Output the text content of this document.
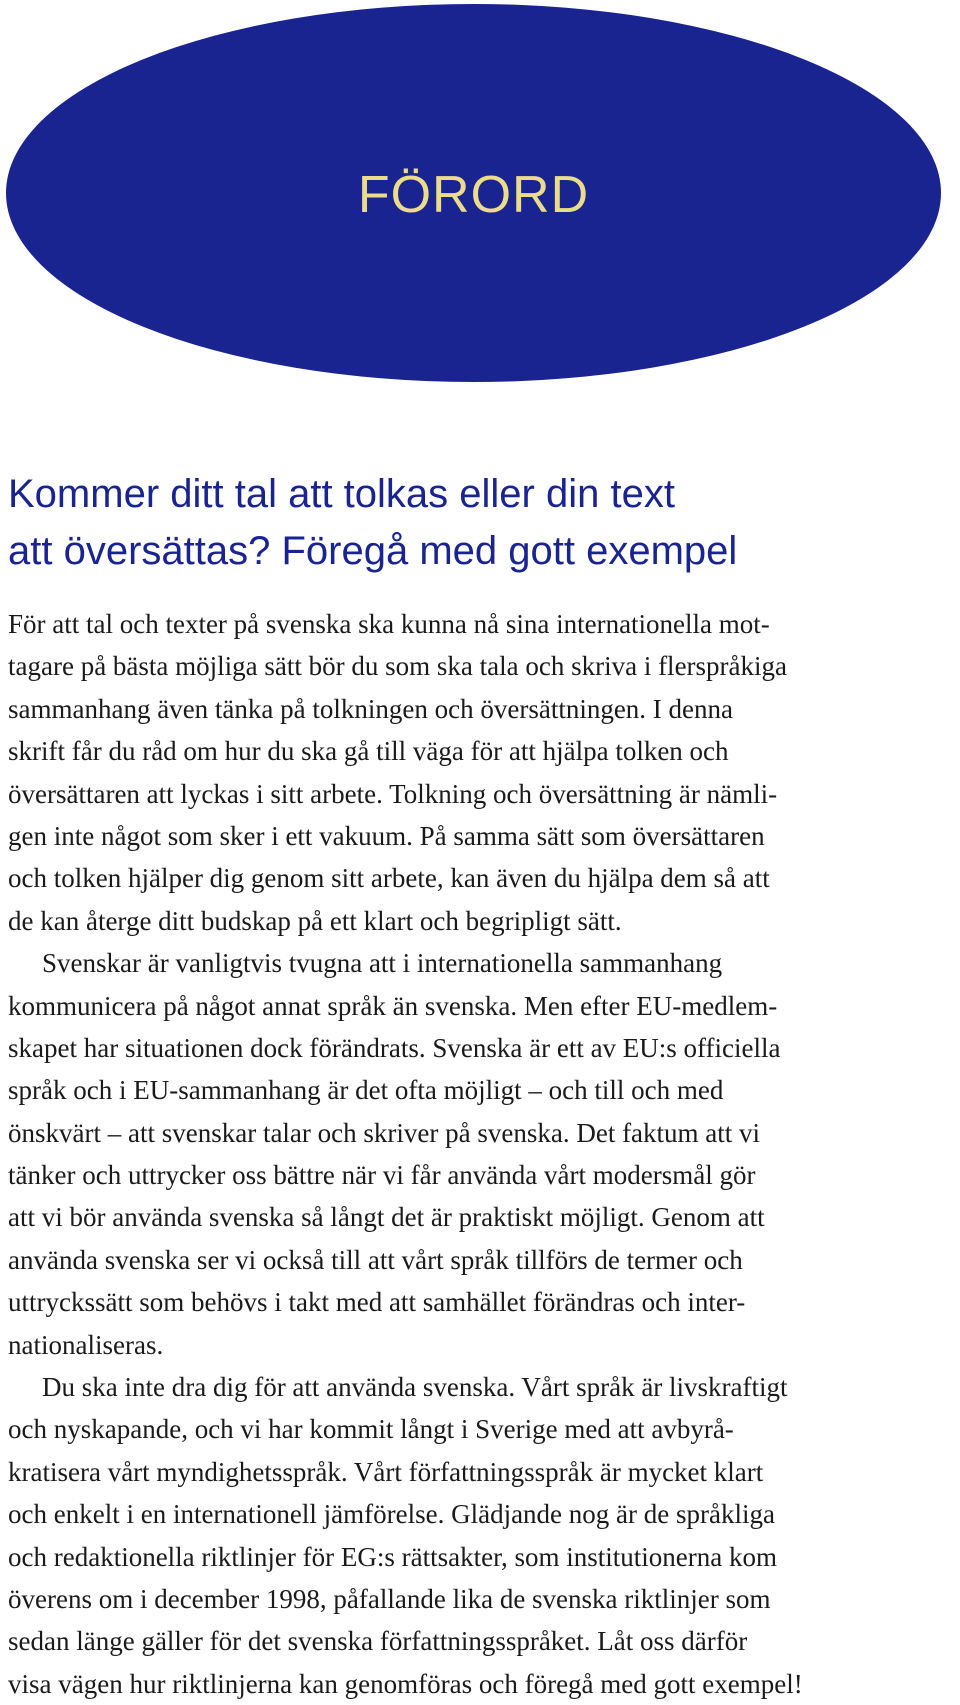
FÖRORD
Kommer ditt tal att tolkas eller din text
att översättas? Föregå med gott exempel
För att tal och texter på svenska ska kunna nå sina internationella mot-
tagare på bästa möjliga sätt bör du som ska tala och skriva i flerspråkiga
sammanhang även tänka på tolkningen och översättningen. I denna
skrift får du råd om hur du ska gå till väga för att hjälpa tolken och
översättaren att lyckas i sitt arbete. Tolkning och översättning är nämli-
gen inte något som sker i ett vakuum. På samma sätt som översättaren
och tolken hjälper dig genom sitt arbete, kan även du hjälpa dem så att
de kan återge ditt budskap på ett klart och begripligt sätt.
Svenskar är vanligtvis tvugna att i internationella sammanhang
kommunicera på något annat språk än svenska. Men efter EU-medlem-
skapet har situationen dock förändrats. Svenska är ett av EU:s officiella
språk och i EU-sammanhang är det ofta möjligt – och till och med
önskvärt – att svenskar talar och skriver på svenska. Det faktum att vi
tänker och uttrycker oss bättre när vi får använda vårt modersmål gör
att vi bör använda svenska så långt det är praktiskt möjligt. Genom att
använda svenska ser vi också till att vårt språk tillförs de termer och
uttryckssätt som behövs i takt med att samhället förändras och inter-
nationaliseras.
Du ska inte dra dig för att använda svenska. Vårt språk är livskraftigt
och nyskapande, och vi har kommit långt i Sverige med att avbyrå-
kratisera vårt myndighetsspråk. Vårt författningsspråk är mycket klart
och enkelt i en internationell jämförelse. Glädjande nog är de språkliga
och redaktionella riktlinjer för EG:s rättsakter, som institutionerna kom
överens om i december 1998, påfallande lika de svenska riktlinjer som
sedan länge gäller för det svenska författningsspråket. Låt oss därför
visa vägen hur riktlinjerna kan genomföras och föregå med gott exempel!
